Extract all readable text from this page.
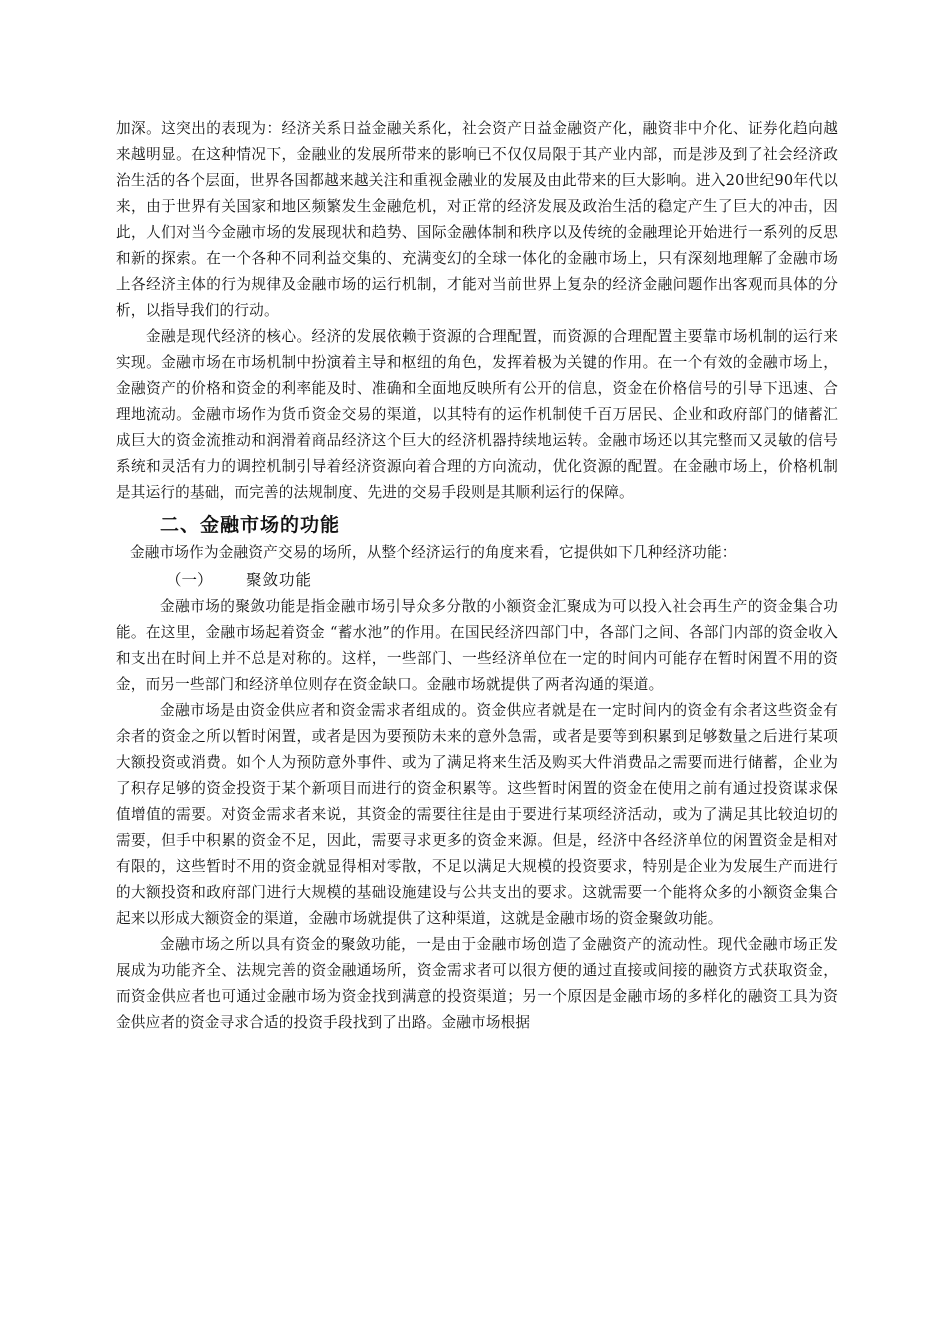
加深。这突出的表现为：经济关系日益金融关系化，社会资产日益金融资产化，融资非中介化、证券化趋向越来越明显。在这种情况下，金融业的发展所带来的影响已不仅仅局限于其产业内部，而是涉及到了社会经济政治生活的各个层面，世界各国都越来越关注和重视金融业的发展及由此带来的巨大影响。进入20世纪90年代以来，由于世界有关国家和地区频繁发生金融危机，对正常的经济发展及政治生活的稳定产生了巨大的冲击，因此，人们对当今金融市场的发展现状和趋势、国际金融体制和秩序以及传统的金融理论开始进行一系列的反思和新的探索。在一个各种不同利益交集的、充满变幻的全球一体化的金融市场上，只有深刻地理解了金融市场上各经济主体的行为规律及金融市场的运行机制，才能对当前世界上复杂的经济金融问题作出客观而具体的分析，以指导我们的行动。

金融是现代经济的核心。经济的发展依赖于资源的合理配置，而资源的合理配置主要靠市场机制的运行来实现。金融市场在市场机制中扮演着主导和枢纽的角色，发挥着极为关键的作用。在一个有效的金融市场上，金融资产的价格和资金的利率能及时、准确和全面地反映所有公开的信息，资金在价格信号的引导下迅速、合理地流动。金融市场作为货币资金交易的渠道，以其特有的运作机制使千百万居民、企业和政府部门的储蓄汇成巨大的资金流推动和润滑着商品经济这个巨大的经济机器持续地运转。金融市场还以其完整而又灵敏的信号系统和灵活有力的调控机制引导着经济资源向着合理的方向流动，优化资源的配置。在金融市场上，价格机制是其运行的基础，而完善的法规制度、先进的交易手段则是其顺利运行的保障。

二、金融市场的功能

金融市场作为金融资产交易的场所，从整个经济运行的角度来看，它提供如下几种经济功能：

（一）	聚敛功能

金融市场的聚敛功能是指金融市场引导众多分散的小额资金汇聚成为可以投入社会再生产的资金集合功能。在这里，金融市场起着资金 “蓄水池”的作用。在国民经济四部门中，各部门之间、各部门内部的资金收入和支出在时间上并不总是对称的。这样，一些部门、一些经济单位在一定的时间内可能存在暂时闲置不用的资金，而另一些部门和经济单位则存在资金缺口。金融市场就提供了两者沟通的渠道。

金融市场是由资金供应者和资金需求者组成的。资金供应者就是在一定时间内的资金有余者这些资金有余者的资金之所以暂时闲置，或者是因为要预防未来的意外急需，或者是要等到积累到足够数量之后进行某项大额投资或消费。如个人为预防意外事件、或为了满足将来生活及购买大件消费品之需要而进行储蓄，企业为了积存足够的资金投资于某个新项目而进行的资金积累等。这些暂时闲置的资金在使用之前有通过投资谋求保值增值的需要。对资金需求者来说，其资金的需要往往是由于要进行某项经济活动，或为了满足其比较迫切的需要，但手中积累的资金不足，因此，需要寻求更多的资金来源。但是，经济中各经济单位的闲置资金是相对有限的，这些暂时不用的资金就显得相对零散，不足以满足大规模的投资要求，特别是企业为发展生产而进行的大额投资和政府部门进行大规模的基础设施建设与公共支出的要求。这就需要一个能将众多的小额资金集合起来以形成大额资金的渠道，金融市场就提供了这种渠道，这就是金融市场的资金聚敛功能。

金融市场之所以具有资金的聚敛功能，一是由于金融市场创造了金融资产的流动性。现代金融市场正发展成为功能齐全、法规完善的资金融通场所，资金需求者可以很方便的通过直接或间接的融资方式获取资金，而资金供应者也可通过金融市场为资金找到满意的投资渠道；另一个原因是金融市场的多样化的融资工具为资金供应者的资金寻求合适的投资手段找到了出路。金融市场根据
